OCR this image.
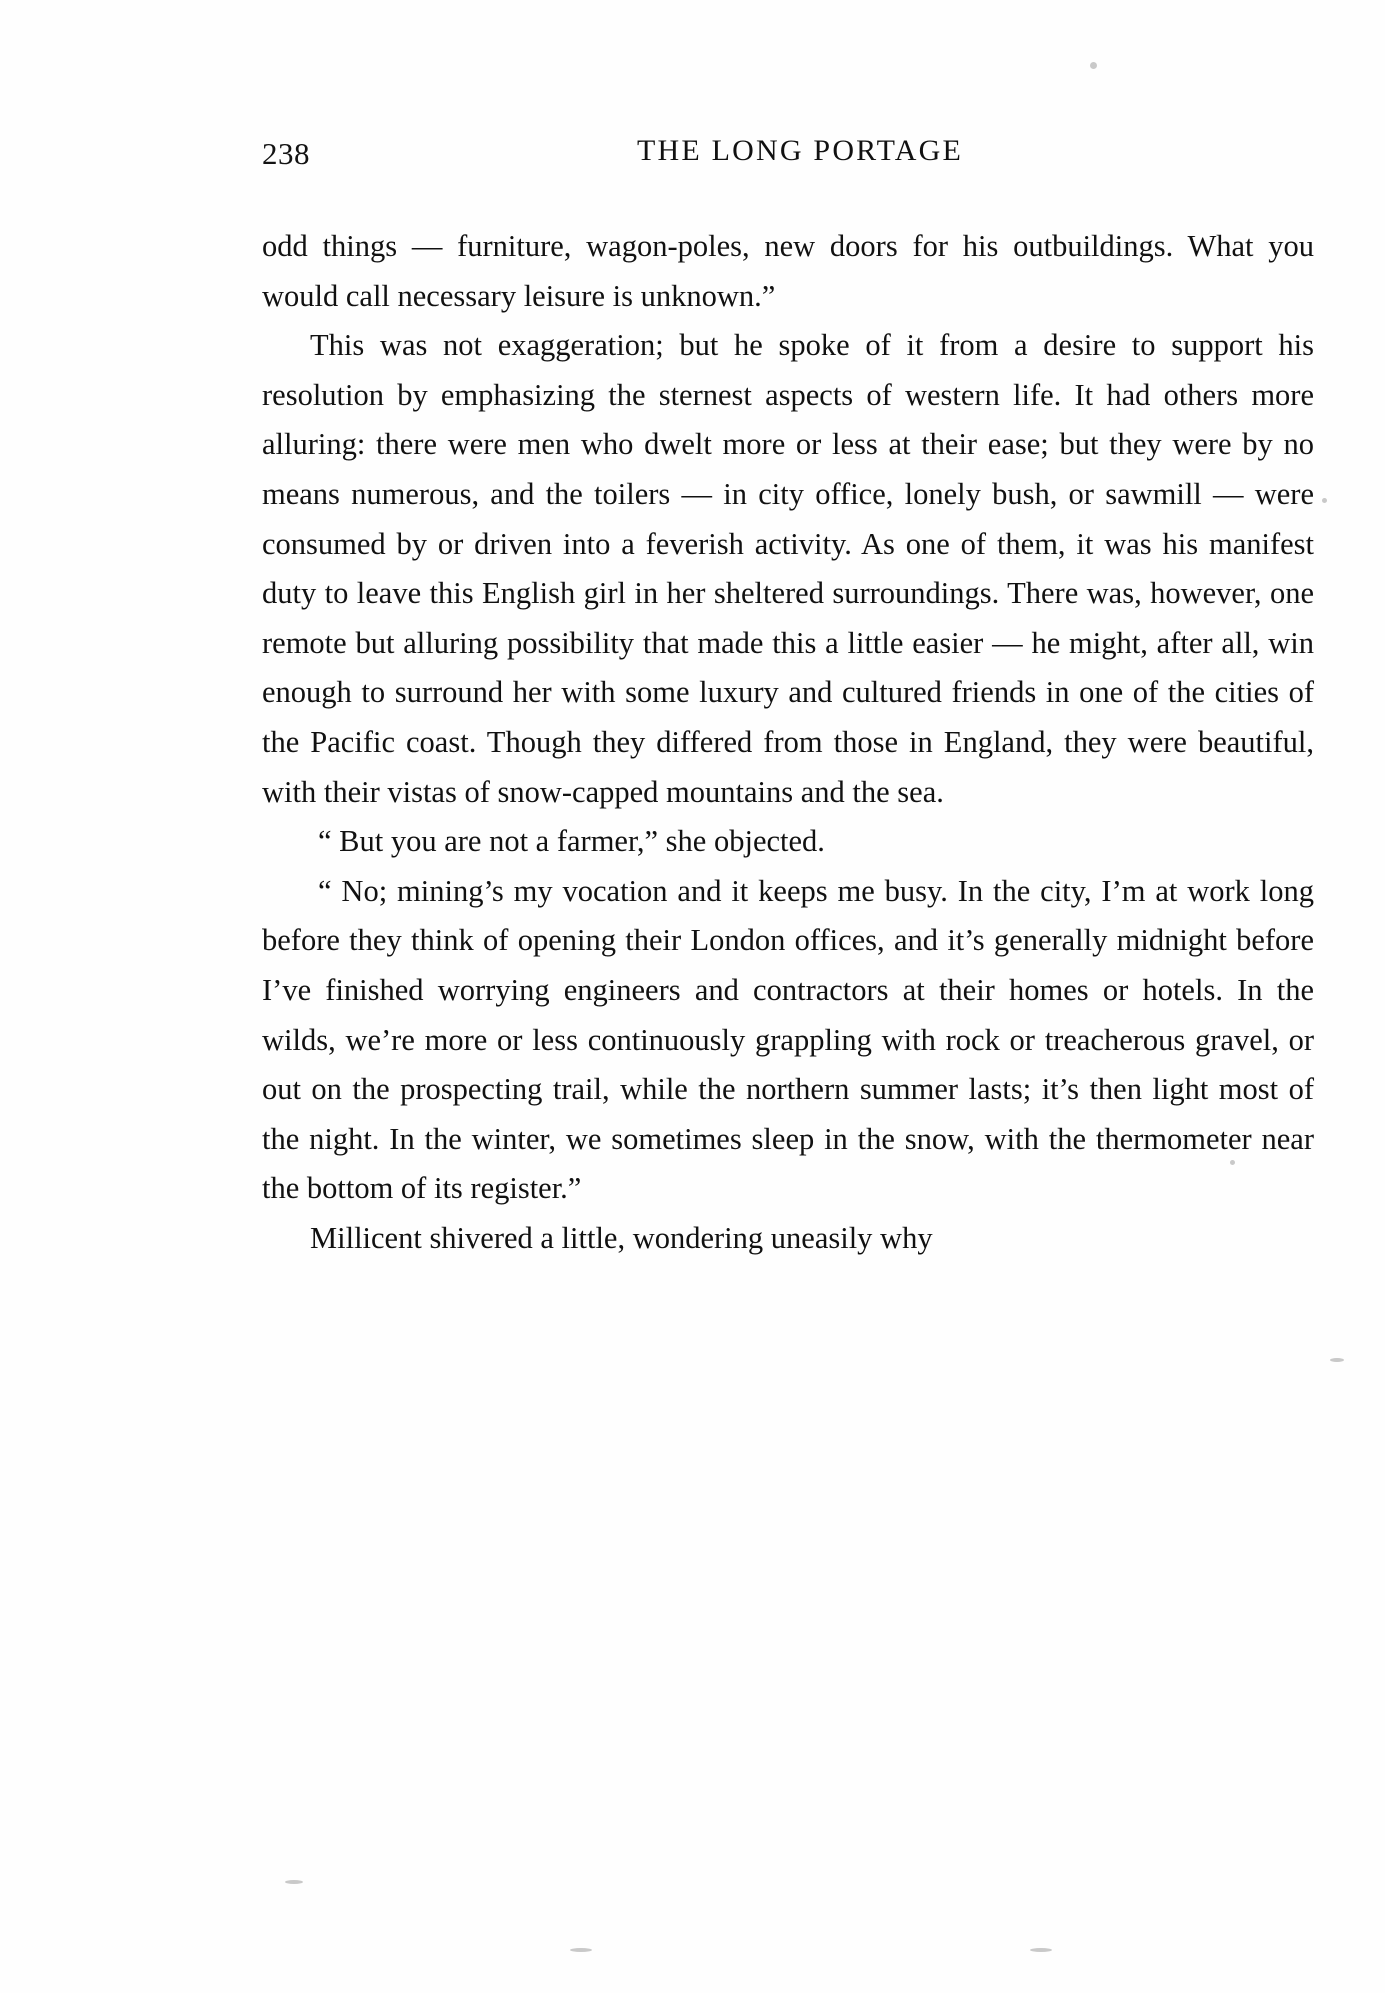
238	THE LONG PORTAGE

odd things — furniture, wagon-poles, new doors for his outbuildings. What you would call necessary leisure is unknown.”

This was not exaggeration; but he spoke of it from a desire to support his resolution by emphasizing the sternest aspects of western life. It had others more alluring: there were men who dwelt more or less at their ease; but they were by no means numerous, and the toilers — in city office, lonely bush, or sawmill — were consumed by or driven into a feverish activity. As one of them, it was his manifest duty to leave this English girl in her sheltered surroundings. There was, however, one remote but alluring possibility that made this a little easier — he might, after all, win enough to surround her with some luxury and cultured friends in one of the cities of the Pacific coast. Though they differed from those in England, they were beautiful, with their vistas of snow-capped mountains and the sea.

“ But you are not a farmer,” she objected.

“ No; mining’s my vocation and it keeps me busy. In the city, I’m at work long before they think of opening their London offices, and it’s generally midnight before I’ve finished worrying engineers and contractors at their homes or hotels. In the wilds, we’re more or less continuously grappling with rock or treacherous gravel, or out on the prospecting trail, while the northern summer lasts; it’s then light most of the night. In the winter, we sometimes sleep in the snow, with the thermometer near the bottom of its register.”

Millicent shivered a little, wondering uneasily why
